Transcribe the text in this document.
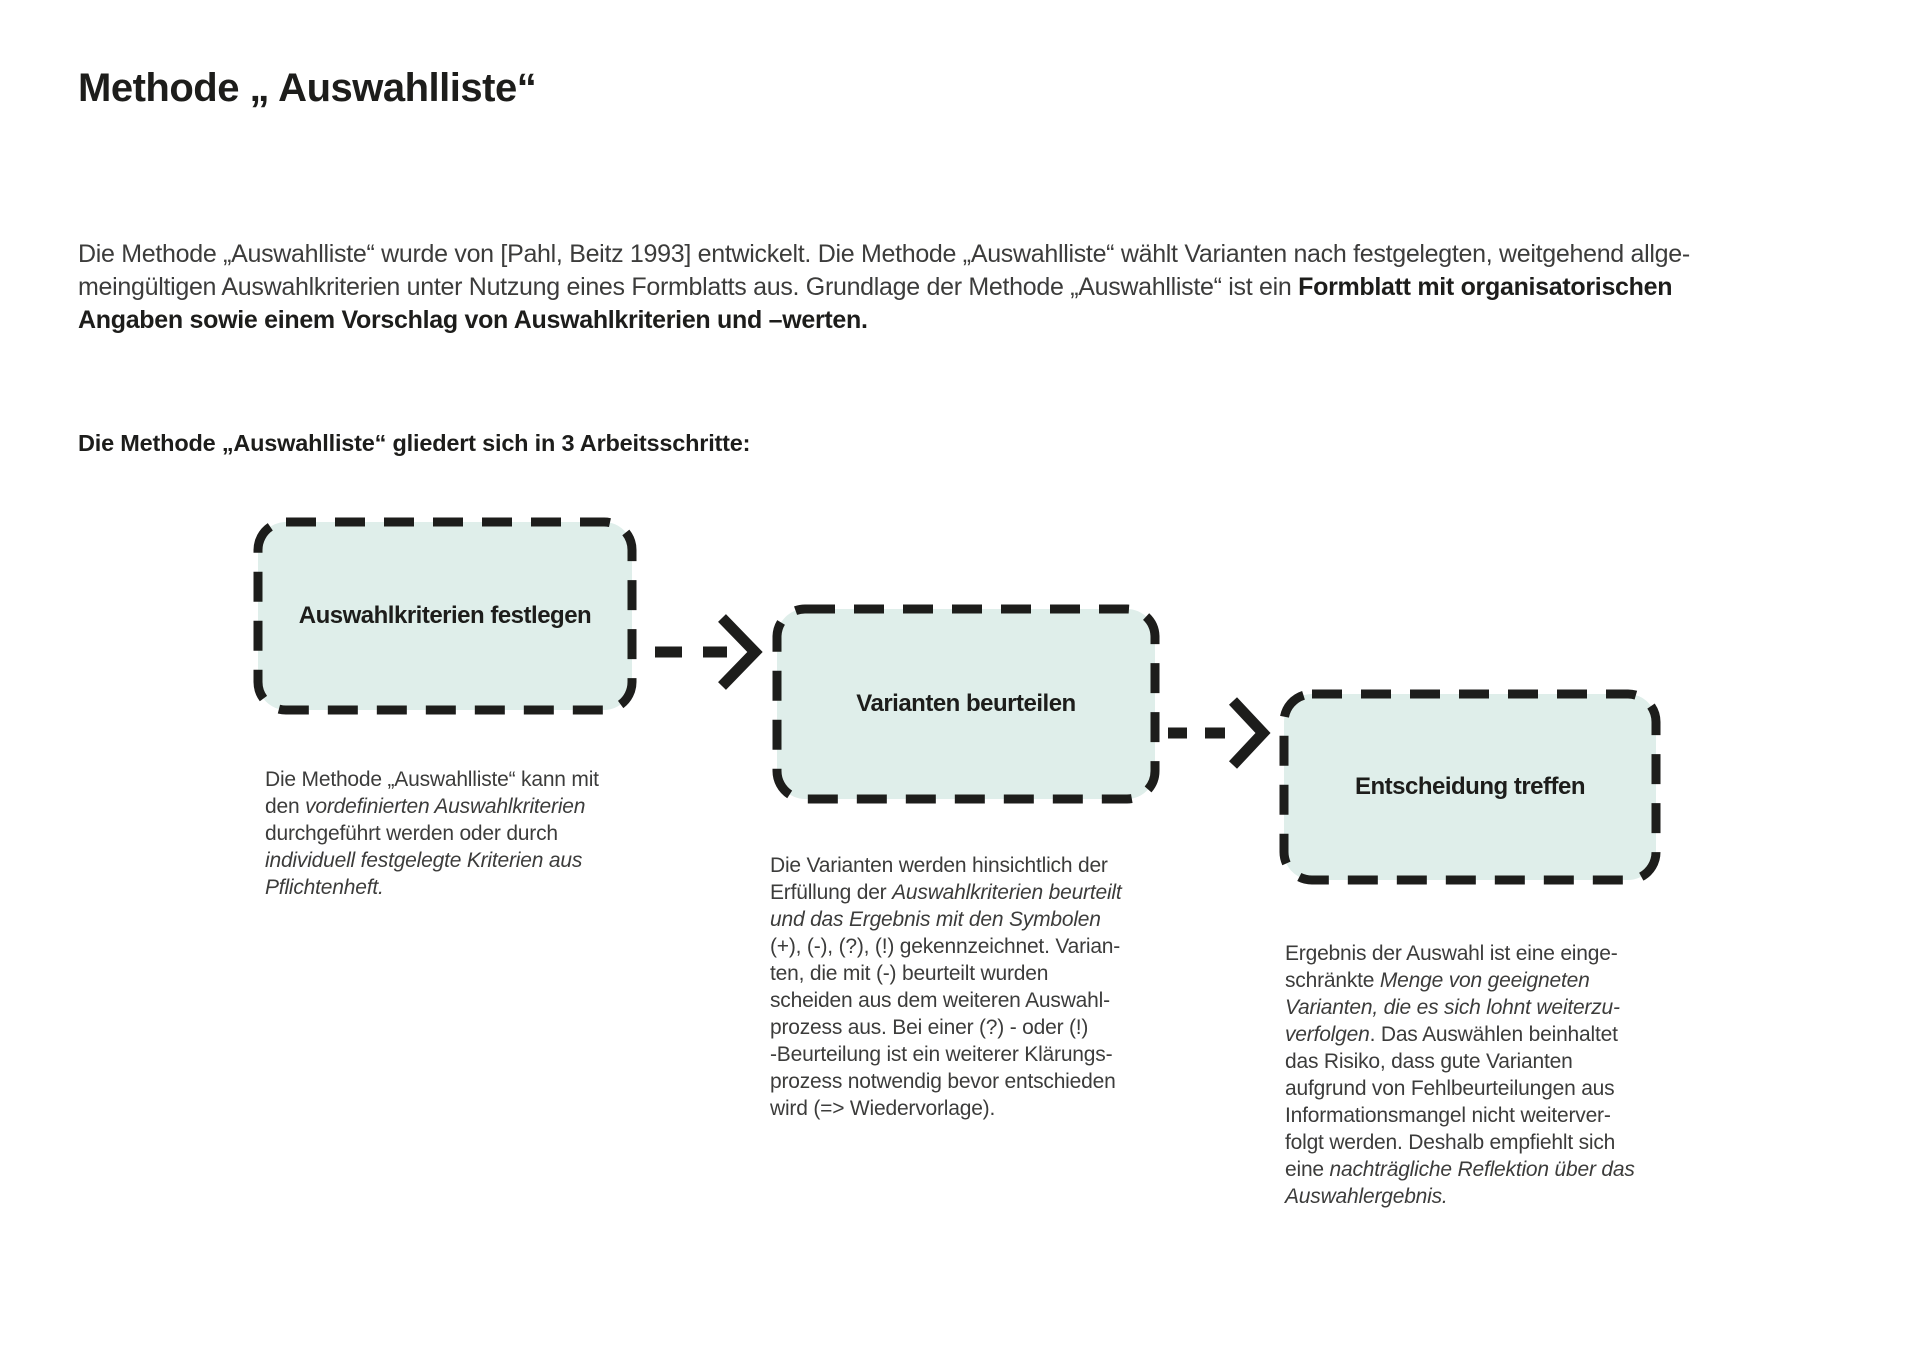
Methode „ Auswahlliste“

Die Methode „Auswahlliste“ wurde von [Pahl, Beitz 1993] entwickelt. Die Methode „Auswahlliste“ wählt Varianten nach festgelegten, weitgehend allge-
meingültigen Auswahlkriterien unter Nutzung eines Formblatts aus. Grundlage der Methode „Auswahlliste“ ist ein Formblatt mit organisatorischen
Angaben sowie einem Vorschlag von Auswahlkriterien und –werten.

Die Methode „Auswahlliste“ gliedert sich in 3 Arbeitsschritte:
Auswahlkriterien festlegen
Varianten beurteilen
Entscheidung treffen

Die Methode „Auswahlliste“ kann mit
den vordefinierten Auswahlkriterien
durchgeführt werden oder durch
individuell festgelegte Kriterien aus
Pflichtenheft.

Die Varianten werden hinsichtlich der
Erfüllung der Auswahlkriterien beurteilt
und das Ergebnis mit den Symbolen
(+), (-), (?), (!) gekennzeichnet. Varian-
ten, die mit (-) beurteilt wurden
scheiden aus dem weiteren Auswahl-
prozess aus. Bei einer (?) - oder (!)
-Beurteilung ist ein weiterer Klärungs-
prozess notwendig bevor entschieden
wird (=> Wiedervorlage).

Ergebnis der Auswahl ist eine einge-
schränkte Menge von geeigneten
Varianten, die es sich lohnt weiterzu-
verfolgen. Das Auswählen beinhaltet
das Risiko, dass gute Varianten
aufgrund von Fehlbeurteilungen aus
Informationsmangel nicht weiterver-
folgt werden. Deshalb empfiehlt sich
eine nachträgliche Reflektion über das
Auswahlergebnis.
